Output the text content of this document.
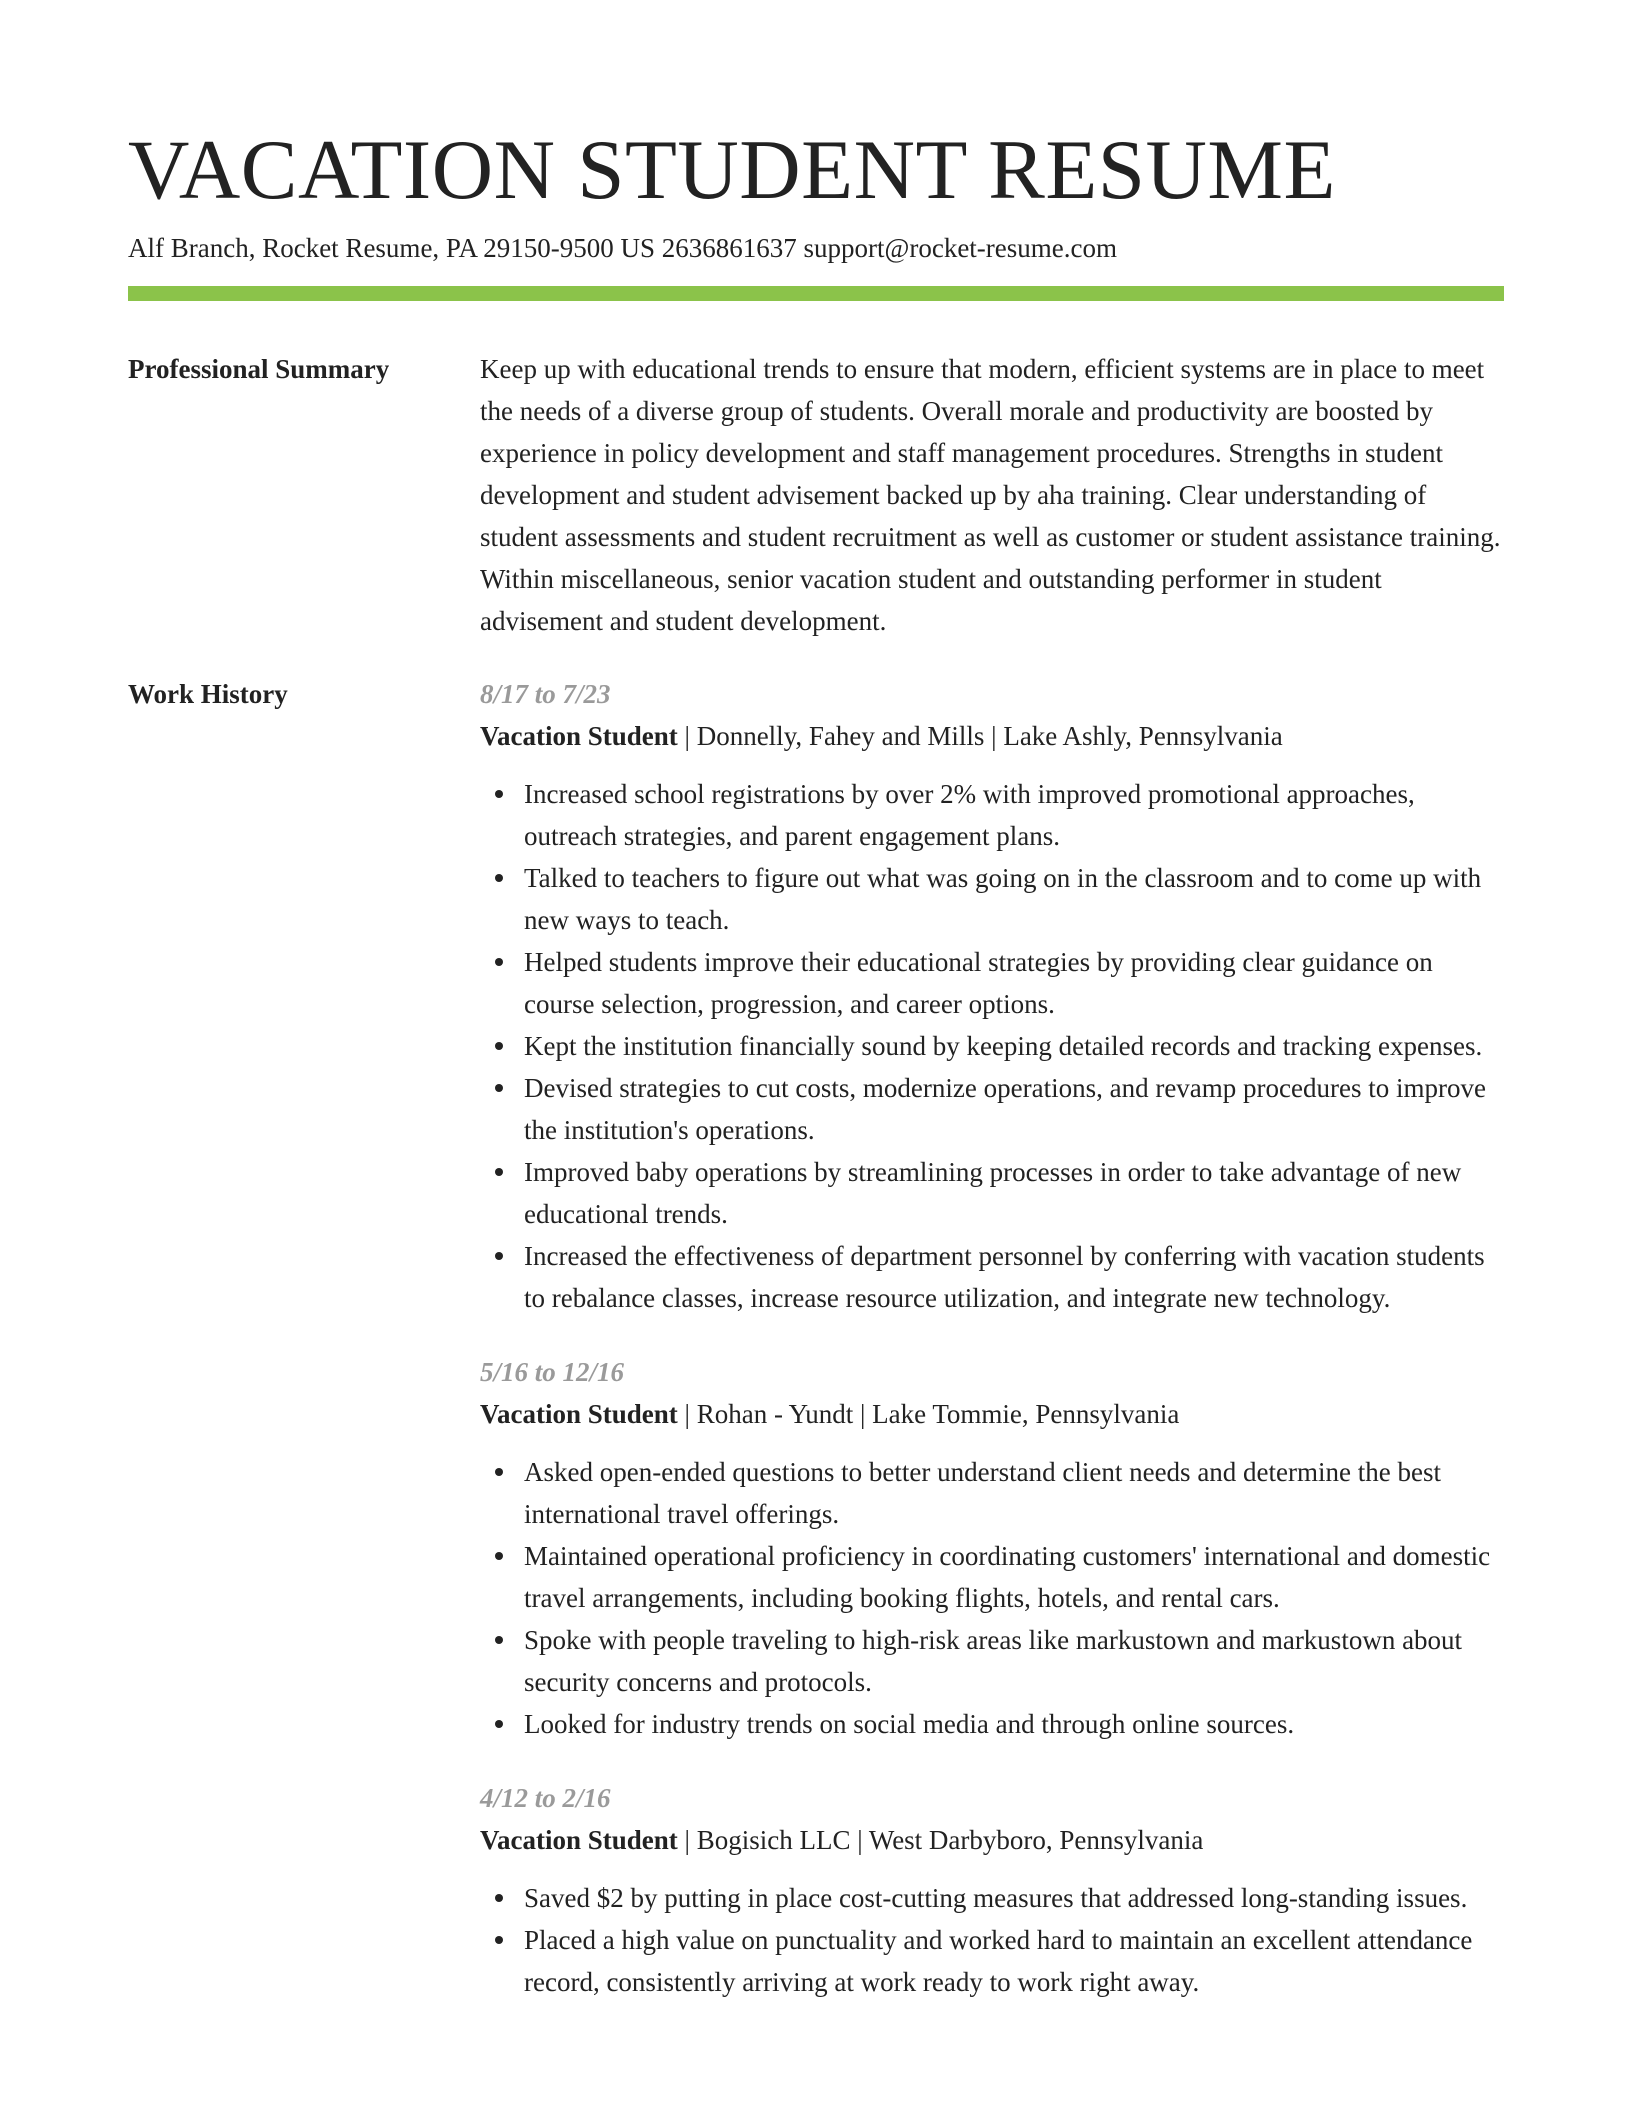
VACATION STUDENT RESUME
Alf Branch, Rocket Resume, PA 29150-9500 US 2636861637 support@rocket-resume.com
Professional Summary	Keep up with educational trends to ensure that modern, efficient systems are in place to meet the needs of a diverse group of students. Overall morale and productivity are boosted by experience in policy development and staff management procedures. Strengths in student development and student advisement backed up by aha training. Clear understanding of student assessments and student recruitment as well as customer or student assistance training. Within miscellaneous, senior vacation student and outstanding performer in student advisement and student development.

Work History	8/17 to 7/23
Vacation Student | Donnelly, Fahey and Mills | Lake Ashly, Pennsylvania
Increased school registrations by over 2% with improved promotional approaches, outreach strategies, and parent engagement plans.
Talked to teachers to figure out what was going on in the classroom and to come up with new ways to teach.
Helped students improve their educational strategies by providing clear guidance on course selection, progression, and career options.
Kept the institution financially sound by keeping detailed records and tracking expenses.
Devised strategies to cut costs, modernize operations, and revamp procedures to improve the institution's operations.
Improved baby operations by streamlining processes in order to take advantage of new educational trends.
Increased the effectiveness of department personnel by conferring with vacation students to rebalance classes, increase resource utilization, and integrate new technology.
5/16 to 12/16
Vacation Student | Rohan - Yundt | Lake Tommie, Pennsylvania
Asked open-ended questions to better understand client needs and determine the best international travel offerings.
Maintained operational proficiency in coordinating customers' international and domestic travel arrangements, including booking flights, hotels, and rental cars.
Spoke with people traveling to high-risk areas like markustown and markustown about security concerns and protocols.
Looked for industry trends on social media and through online sources.
4/12 to 2/16
Vacation Student | Bogisich LLC | West Darbyboro, Pennsylvania
Saved $2 by putting in place cost-cutting measures that addressed long-standing issues.
Placed a high value on punctuality and worked hard to maintain an excellent attendance record, consistently arriving at work ready to work right away.
